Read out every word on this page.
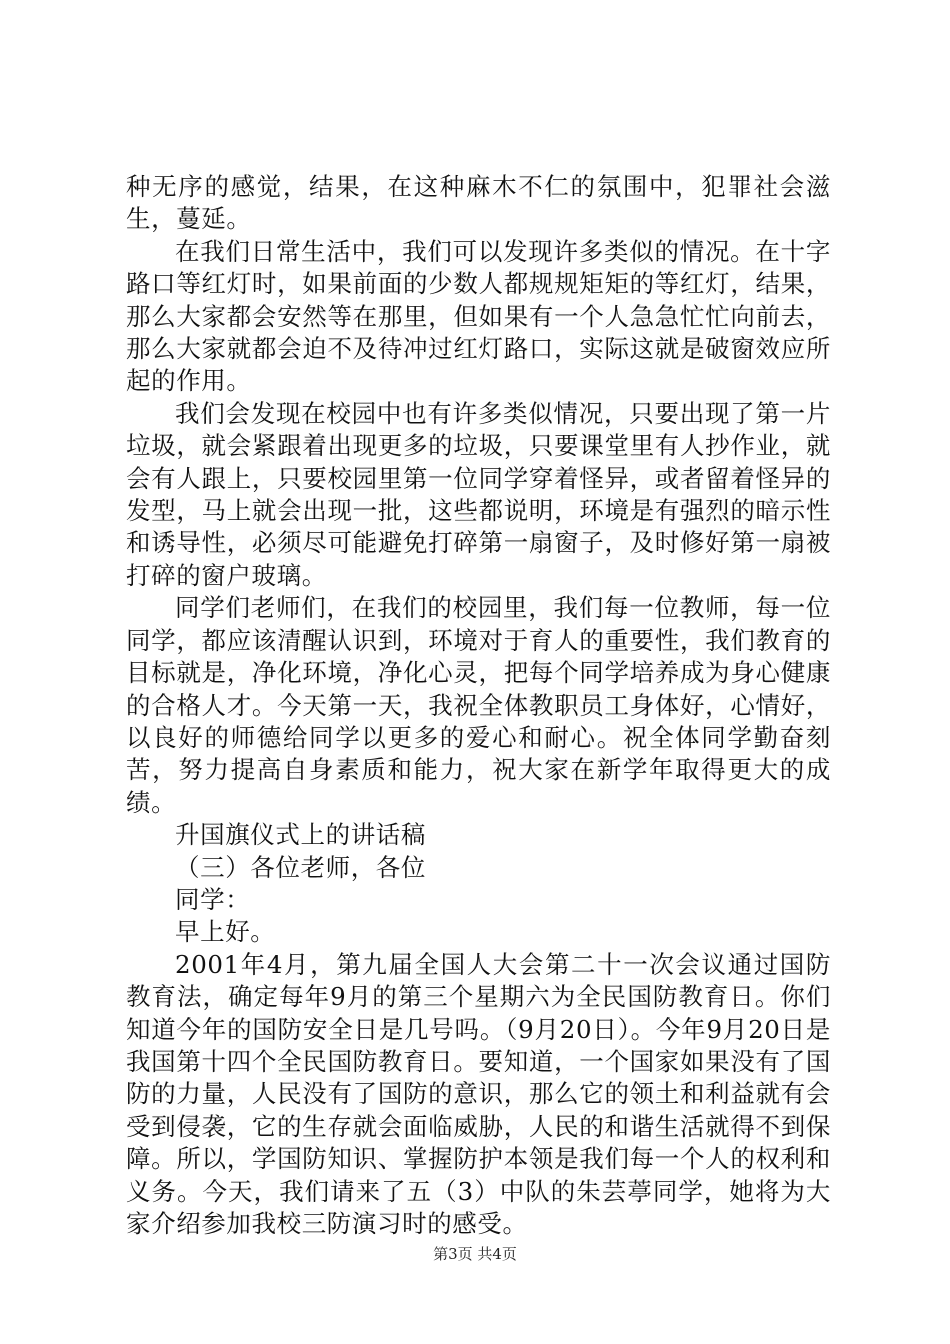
种无序的感觉，结果，在这种麻木不仁的氛围中，犯罪社会滋生，蔓延。

在我们日常生活中，我们可以发现许多类似的情况。在十字路口等红灯时，如果前面的少数人都规规矩矩的等红灯，结果，那么大家都会安然等在那里，但如果有一个人急急忙忙向前去，那么大家就都会迫不及待冲过红灯路口，实际这就是破窗效应所起的作用。

我们会发现在校园中也有许多类似情况，只要出现了第一片垃圾，就会紧跟着出现更多的垃圾，只要课堂里有人抄作业，就会有人跟上，只要校园里第一位同学穿着怪异，或者留着怪异的发型，马上就会出现一批，这些都说明，环境是有强烈的暗示性和诱导性，必须尽可能避免打碎第一扇窗子，及时修好第一扇被打碎的窗户玻璃。

同学们老师们，在我们的校园里，我们每一位教师，每一位同学，都应该清醒认识到，环境对于育人的重要性，我们教育的目标就是，净化环境，净化心灵，把每个同学培养成为身心健康的合格人才。今天第一天，我祝全体教职员工身体好，心情好，以良好的师德给同学以更多的爱心和耐心。祝全体同学勤奋刻苦，努力提高自身素质和能力，祝大家在新学年取得更大的成绩。

升国旗仪式上的讲话稿

（三）各位老师，各位

同学：

早上好。

2001年4月，第九届全国人大会第二十一次会议通过国防教育法，确定每年9月的第三个星期六为全民国防教育日。你们知道今年的国防安全日是几号吗。（9月20日）。今年9月20日是我国第十四个全民国防教育日。要知道，一个国家如果没有了国防的力量，人民没有了国防的意识，那么它的领土和利益就有会受到侵袭，它的生存就会面临威胁，人民的和谐生活就得不到保障。所以，学国防知识、掌握防护本领是我们每一个人的权利和义务。今天，我们请来了五（3）中队的朱芸葶同学，她将为大家介绍参加我校三防演习时的感受。

第3页 共4页
